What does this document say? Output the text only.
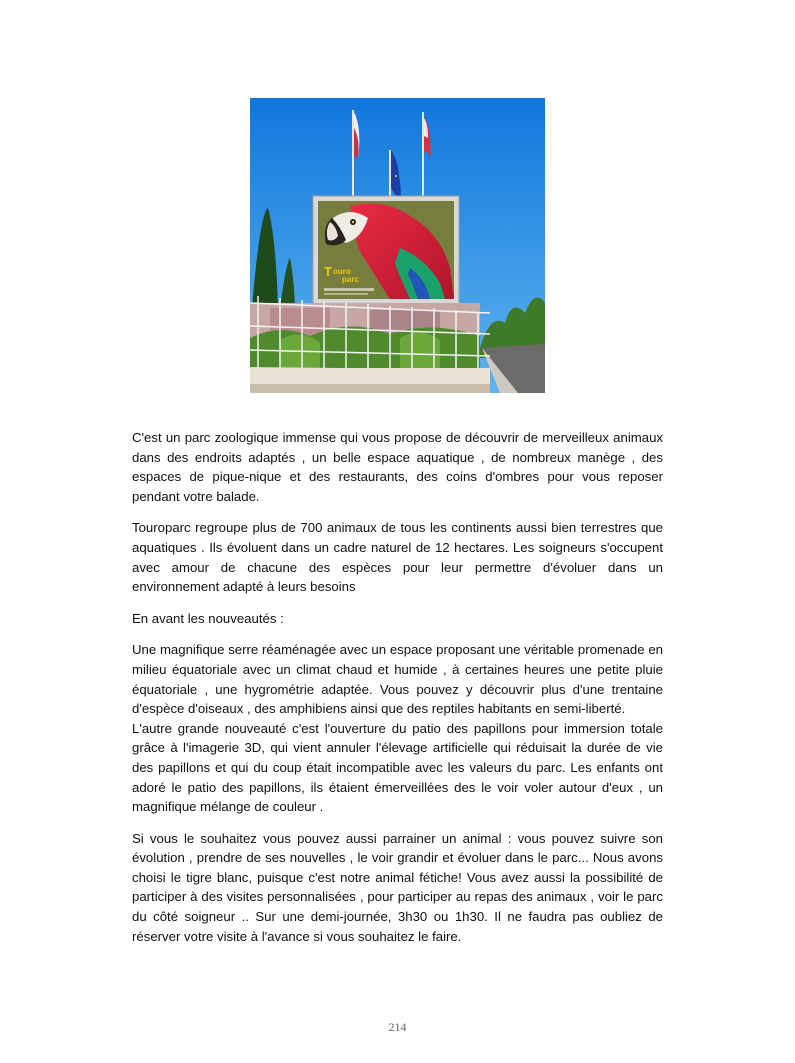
T ouro
parc

C'est un parc zoologique immense qui vous propose de découvrir de merveilleux animaux dans des endroits adaptés , un belle espace aquatique , de nombreux manège , des espaces de pique-nique et des restaurants, des coins d'ombres pour vous reposer pendant votre balade.

Touroparc regroupe plus de 700 animaux de tous les continents aussi bien terrestres que aquatiques . Ils évoluent dans un cadre naturel de 12 hectares. Les soigneurs s'occupent avec amour de chacune des espèces pour leur permettre d'évoluer dans un environnement adapté à leurs besoins

En avant les nouveautés :

Une magnifique serre réaménagée avec un espace proposant une véritable promenade en milieu équatoriale avec un climat chaud et humide , à certaines heures une petite pluie équatoriale , une hygrométrie adaptée. Vous pouvez y découvrir plus d'une trentaine d'espèce d'oiseaux , des amphibiens ainsi que des reptiles habitants en semi-liberté.

L'autre grande nouveauté c'est l'ouverture du patio des papillons pour immersion totale grâce à l'imagerie 3D, qui vient annuler l'élevage artificielle qui réduisait la durée de vie des papillons et qui du coup était incompatible avec les valeurs du parc. Les enfants ont adoré le patio des papillons, ils étaient émerveillées des le voir voler autour d'eux , un magnifique mélange de couleur .

Si vous le souhaitez vous pouvez aussi parrainer un animal : vous pouvez suivre son évolution , prendre de ses nouvelles , le voir grandir et évoluer dans le parc... Nous avons choisi le tigre blanc, puisque c'est notre animal fétiche! Vous avez aussi la possibilité de participer à des visites personnalisées , pour participer au repas des animaux , voir le parc du côté soigneur .. Sur une demi-journée, 3h30 ou 1h30. Il ne faudra pas oubliez de réserver votre visite à l'avance si vous souhaitez le faire.

214
